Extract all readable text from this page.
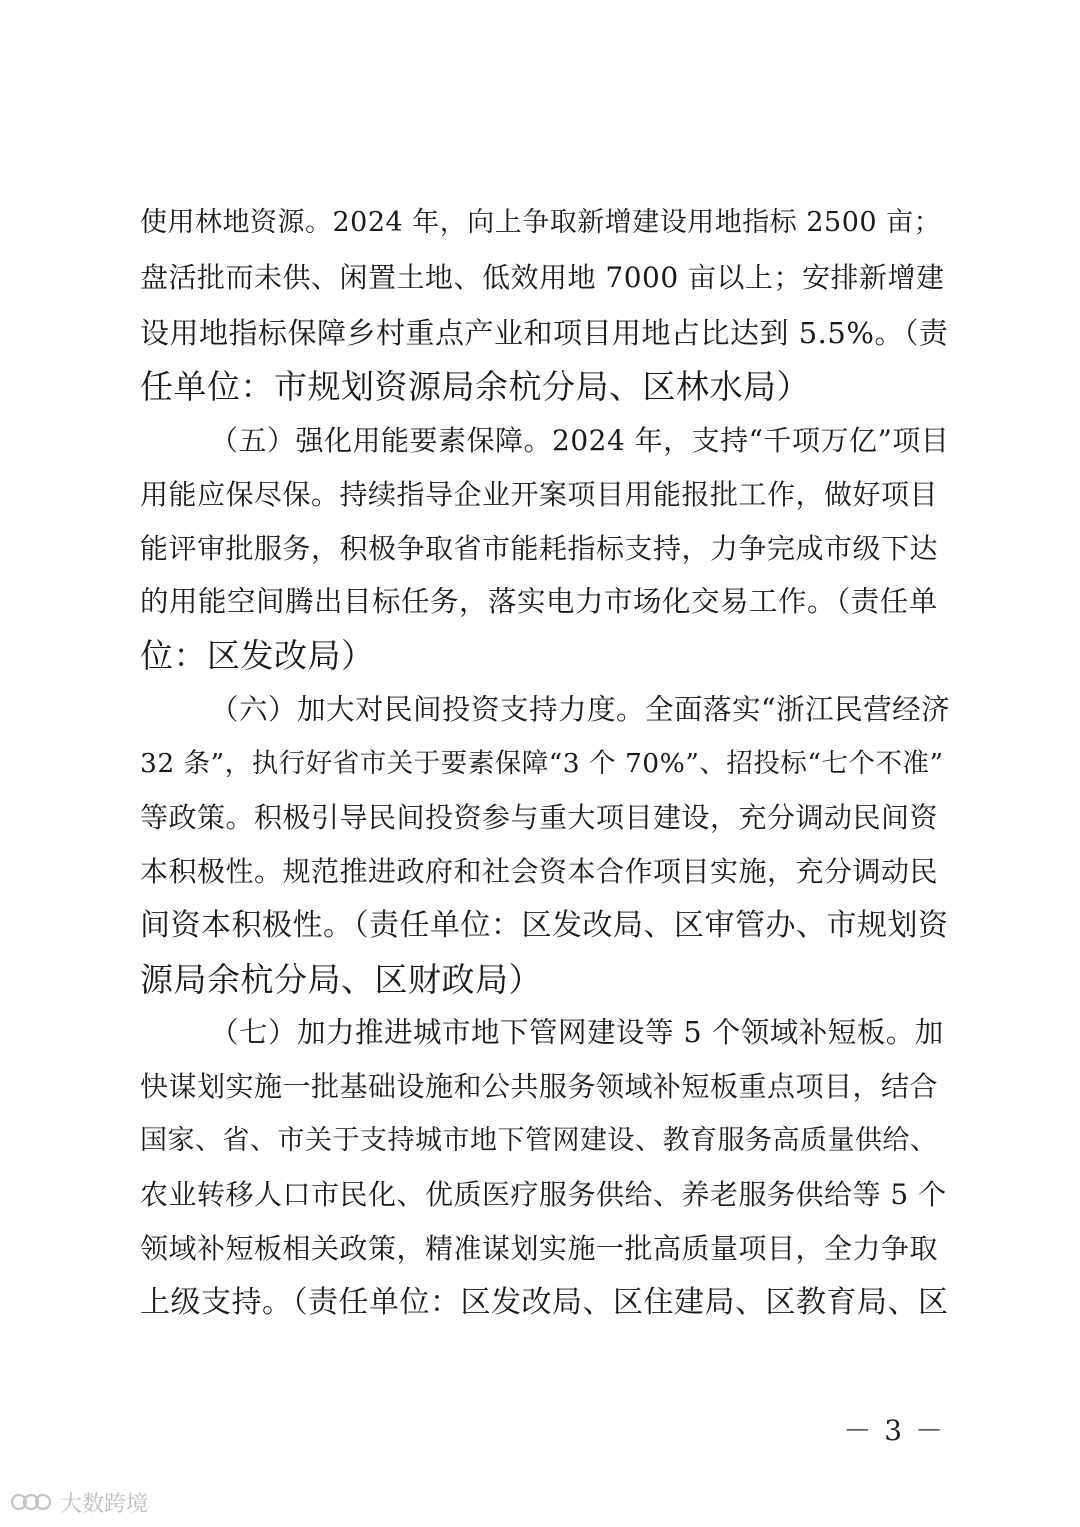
使用林地资源。2024 年，向上争取新增建设用地指标 2500 亩；
盘活批而未供、闲置土地、低效用地 7000 亩以上；安排新增建
设用地指标保障乡村重点产业和项目用地占比达到 5.5%。（责
任单位：市规划资源局余杭分局、区林水局）
（五）强化用能要素保障。2024 年，支持“千项万亿”项目
用能应保尽保。持续指导企业开案项目用能报批工作，做好项目
能评审批服务，积极争取省市能耗指标支持，力争完成市级下达
的用能空间腾出目标任务，落实电力市场化交易工作。（责任单
位：区发改局）
（六）加大对民间投资支持力度。全面落实“浙江民营经济
32 条”，执行好省市关于要素保障“3 个 70%”、招投标“七个不准”
等政策。积极引导民间投资参与重大项目建设，充分调动民间资
本积极性。规范推进政府和社会资本合作项目实施，充分调动民
间资本积极性。（责任单位：区发改局、区审管办、市规划资
源局余杭分局、区财政局）
（七）加力推进城市地下管网建设等 5 个领域补短板。加
快谋划实施一批基础设施和公共服务领域补短板重点项目，结合
国家、省、市关于支持城市地下管网建设、教育服务高质量供给、
农业转移人口市民化、优质医疗服务供给、养老服务供给等 5 个
领域补短板相关政策，精准谋划实施一批高质量项目，全力争取
上级支持。（责任单位：区发改局、区住建局、区教育局、区
－ 3 －
大数跨境
